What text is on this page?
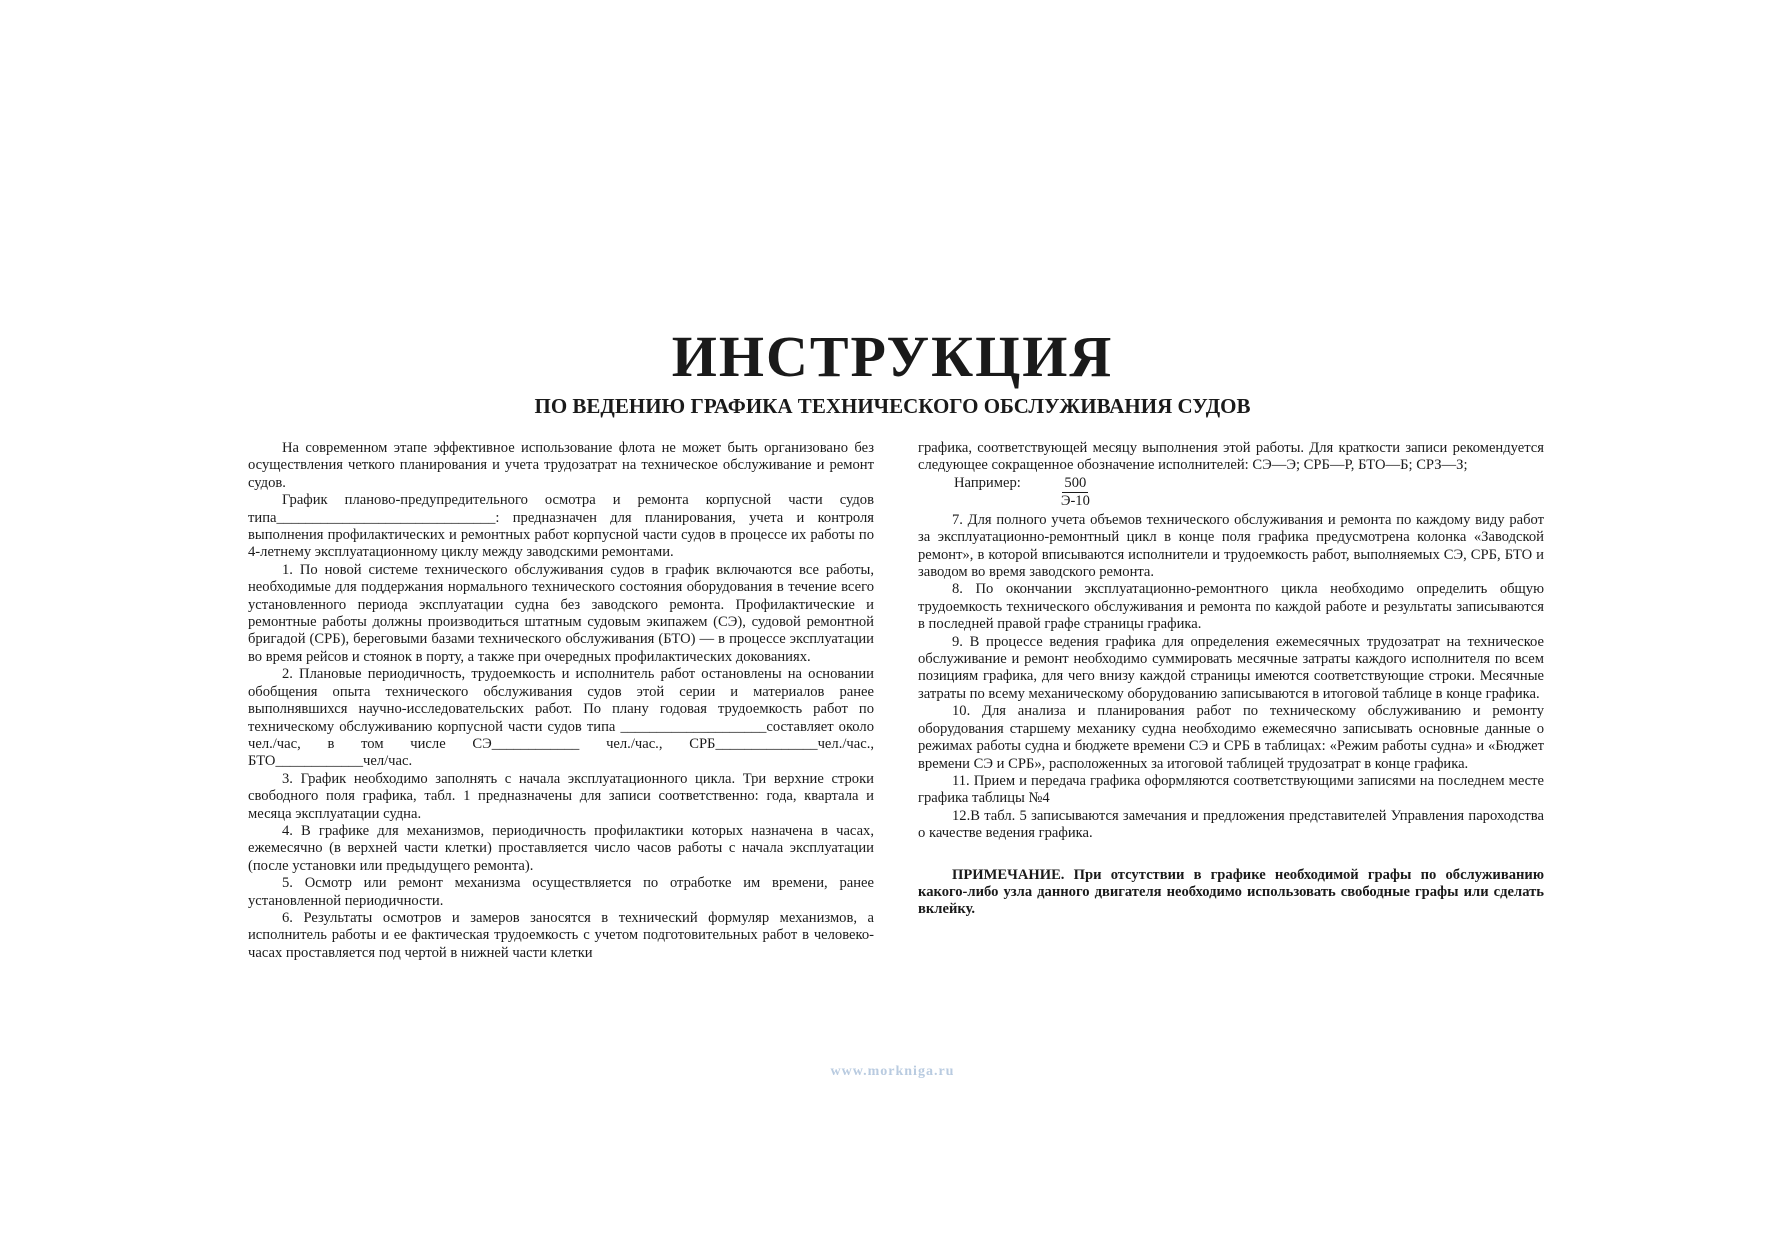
ИНСТРУКЦИЯ
ПО ВЕДЕНИЮ ГРАФИКА ТЕХНИЧЕСКОГО ОБСЛУЖИВАНИЯ СУДОВ

На современном этапе эффективное использование флота не может быть организовано без осуществления четкого планирования и учета трудозатрат на техническое обслуживание и ремонт судов.

График планово-предупредительного осмотра и ремонта корпусной части судов типа______________________________: предназначен для планирования, учета и контроля выполнения профилактических и ремонтных работ корпусной части судов в процессе их работы по 4-летнему эксплуатационному циклу между заводскими ремонтами.

1. По новой системе технического обслуживания судов в график включаются все работы, необходимые для поддержания нормального технического состояния оборудования в течение всего установленного периода эксплуатации судна без заводского ремонта. Профилактические и ремонтные работы должны производиться штатным судовым экипажем (СЭ), судовой ремонтной бригадой (СРБ), береговыми базами технического обслуживания (БТО) — в процессе эксплуатации во время рейсов и стоянок в порту, а также при очередных профилактических докованиях.

2. Плановые периодичность, трудоемкость и исполнитель работ остановлены на основании обобщения опыта технического обслуживания судов этой серии и материалов ранее выполнявшихся научно-исследовательских работ. По плану годовая трудоемкость работ по техническому обслуживанию корпусной части судов типа ____________________составляет около чел./час, в том числе СЭ____________ чел./час., СРБ______________чел./час., БТО____________чел/час.

3. График необходимо заполнять с начала эксплуатационного цикла. Три верхние строки свободного поля графика, табл. 1 предназначены для записи соответственно: года, квартала и месяца эксплуатации судна.

4. В графике для механизмов, периодичность профилактики которых назначена в часах, ежемесячно (в верхней части клетки) проставляется число часов работы с начала эксплуатации (после установки или предыдущего ремонта).

5. Осмотр или ремонт механизма осуществляется по отработке им времени, ранее установленной периодичности.

6. Результаты осмотров и замеров заносятся в технический формуляр механизмов, а исполнитель работы и ее фактическая трудоемкость с учетом подготовительных работ в человеко-часах проставляется под чертой в нижней части клетки

графика, соответствующей месяцу выполнения этой работы. Для краткости записи рекомендуется следующее сокращенное обозначение исполнителей: СЭ—Э; СРБ—Р, БТО—Б; СРЗ—З;

Например:	$\frac{500}{Э-10}$

7. Для полного учета объемов технического обслуживания и ремонта по каждому виду работ за эксплуатационно-ремонтный цикл в конце поля графика предусмотрена колонка «Заводской ремонт», в которой вписываются исполнители и трудоемкость работ, выполняемых СЭ, СРБ, БТО и заводом во время заводского ремонта.

8. По окончании эксплуатационно-ремонтного цикла необходимо определить общую трудоемкость технического обслуживания и ремонта по каждой работе и результаты записываются в последней правой графе страницы графика.

9. В процессе ведения графика для определения ежемесячных трудозатрат на техническое обслуживание и ремонт необходимо суммировать месячные затраты каждого исполнителя по всем позициям графика, для чего внизу каждой страницы имеются соответствующие строки. Месячные затраты по всему механическому оборудованию записываются в итоговой таблице в конце графика.

10. Для анализа и планирования работ по техническому обслуживанию и ремонту оборудования старшему механику судна необходимо ежемесячно записывать основные данные о режимах работы судна и бюджете времени СЭ и СРБ в таблицах: «Режим работы судна» и «Бюджет времени СЭ и СРБ», расположенных за итоговой таблицей трудозатрат в конце графика.

11. Прием и передача графика оформляются соответствующими записями на последнем месте графика таблицы №4

12.В табл. 5 записываются замечания и предложения представителей Управления пароходства о качестве ведения графика.

ПРИМЕЧАНИЕ. При отсутствии в графике необходимой графы по обслуживанию какого-либо узла данного двигателя необходимо использовать свободные графы или сделать вклейку.

www.morkniga.ru
